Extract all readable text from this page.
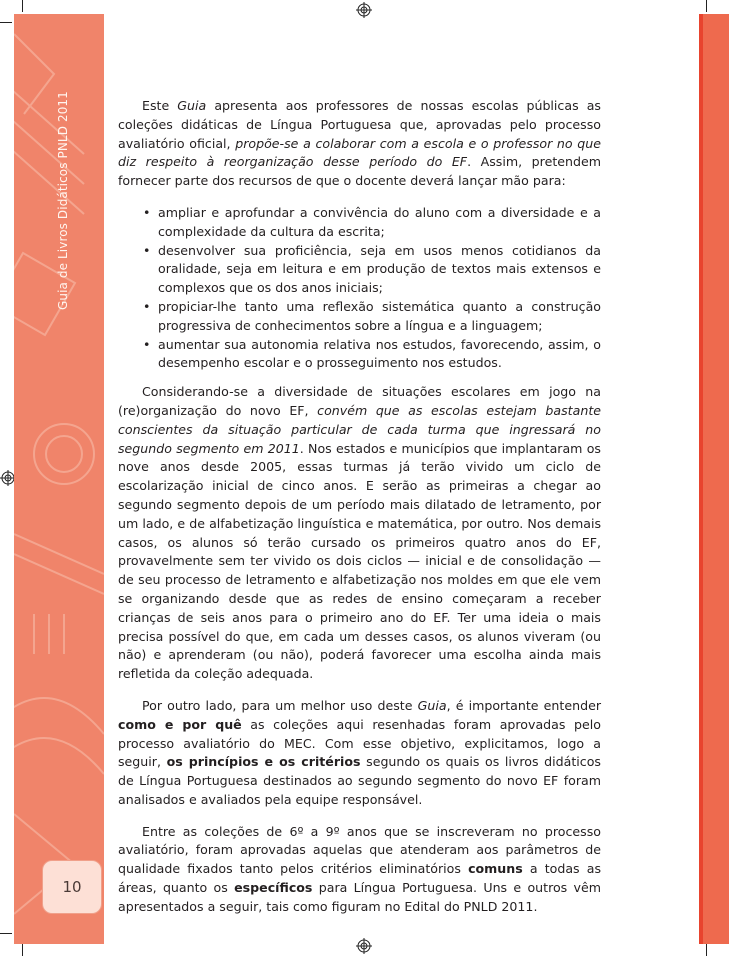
Guia de Livros Didáticos PNLD 2011
10

Este Guia apresenta aos professores de nossas escolas públicas as coleções didáticas de Língua Portuguesa que, aprovadas pelo processo avaliatório oficial, propõe-se a colaborar com a escola e o professor no que diz respeito à reorganização desse período do EF. Assim, pretendem fornecer parte dos recursos de que o docente deverá lançar mão para:

• ampliar e aprofundar a convivência do aluno com a diversidade e a complexidade da cultura da escrita;
• desenvolver sua proficiência, seja em usos menos cotidianos da oralidade, seja em leitura e em produção de textos mais extensos e complexos que os dos anos iniciais;
• propiciar-lhe tanto uma reflexão sistemática quanto a construção progressiva de conhecimentos sobre a língua e a linguagem;
• aumentar sua autonomia relativa nos estudos, favorecendo, assim, o desempenho escolar e o prosseguimento nos estudos.

Considerando-se a diversidade de situações escolares em jogo na (re)organização do novo EF, convém que as escolas estejam bastante conscientes da situação particular de cada turma que ingressará no segundo segmento em 2011. Nos estados e municípios que implantaram os nove anos desde 2005, essas turmas já terão vivido um ciclo de escolarização inicial de cinco anos. E serão as primeiras a chegar ao segundo segmento depois de um período mais dilatado de letramento, por um lado, e de alfabetização linguística e matemática, por outro. Nos demais casos, os alunos só terão cursado os primeiros quatro anos do EF, provavelmente sem ter vivido os dois ciclos — inicial e de consolidação — de seu processo de letramento e alfabetização nos moldes em que ele vem se organizando desde que as redes de ensino começaram a receber crianças de seis anos para o primeiro ano do EF. Ter uma ideia o mais precisa possível do que, em cada um desses casos, os alunos viveram (ou não) e aprenderam (ou não), poderá favorecer uma escolha ainda mais refletida da coleção adequada.

Por outro lado, para um melhor uso deste Guia, é importante entender como e por quê as coleções aqui resenhadas foram aprovadas pelo processo avaliatório do MEC. Com esse objetivo, explicitamos, logo a seguir, os princípios e os critérios segundo os quais os livros didáticos de Língua Portuguesa destinados ao segundo segmento do novo EF foram analisados e avaliados pela equipe responsável.

Entre as coleções de 6º a 9º anos que se inscreveram no processo avaliatório, foram aprovadas aquelas que atenderam aos parâmetros de qualidade fixados tanto pelos critérios eliminatórios comuns a todas as áreas, quanto os específicos para Língua Portuguesa. Uns e outros vêm apresentados a seguir, tais como figuram no Edital do PNLD 2011.
